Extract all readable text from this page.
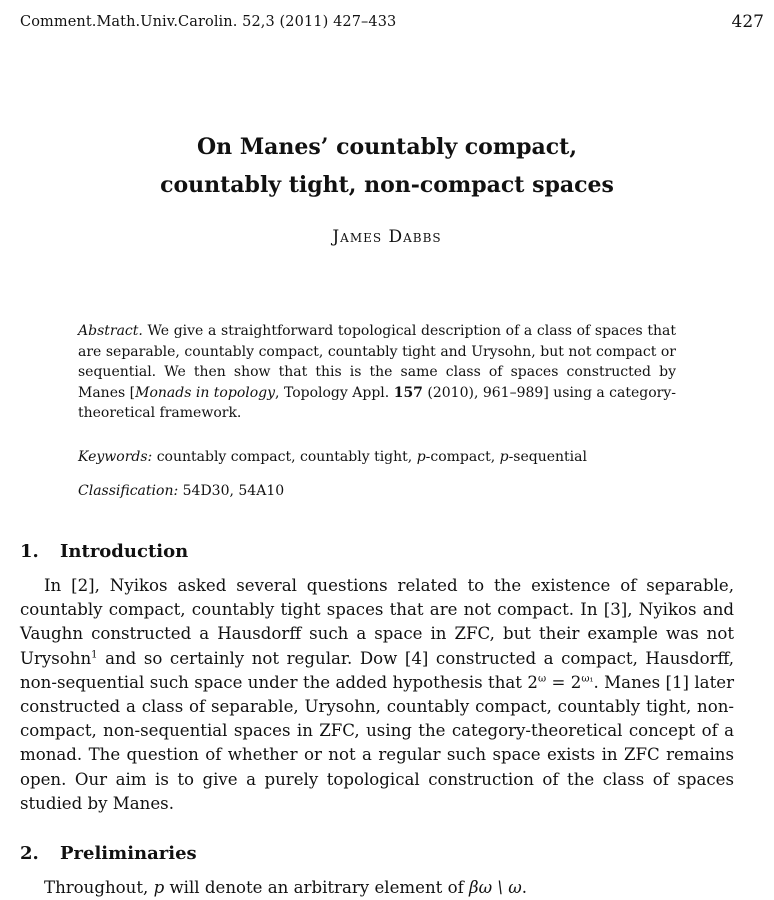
Comment.Math.Univ.Carolin. 52,3 (2011) 427–433	427
On Manes’ countably compact,
countably tight, non-compact spaces
James Dabbs
Abstract. We give a straightforward topological description of a class of spaces that are separable, countably compact, countably tight and Urysohn, but not compact or sequential. We then show that this is the same class of spaces constructed by Manes [Monads in topology, Topology Appl. 157 (2010), 961–989] using a category-theoretical framework.
Keywords: countably compact, countably tight, p-compact, p-sequential
Classification: 54D30, 54A10
1. Introduction
In [2], Nyikos asked several questions related to the existence of separable, countably compact, countably tight spaces that are not compact. In [3], Nyikos and Vaughn constructed a Hausdorff such a space in ZFC, but their example was not Urysohn$^1$ and so certainly not regular. Dow [4] constructed a compact, Hausdorff, non-sequential such space under the added hypothesis that $2^\omega = 2^{\omega_1}$. Manes [1] later constructed a class of separable, Urysohn, countably compact, countably tight, non-compact, non-sequential spaces in ZFC, using the category-theoretical concept of a monad. The question of whether or not a regular such space exists in ZFC remains open. Our aim is to give a purely topological construction of the class of spaces studied by Manes.
2. Preliminaries
Throughout, p will denote an arbitrary element of βω \ ω.
